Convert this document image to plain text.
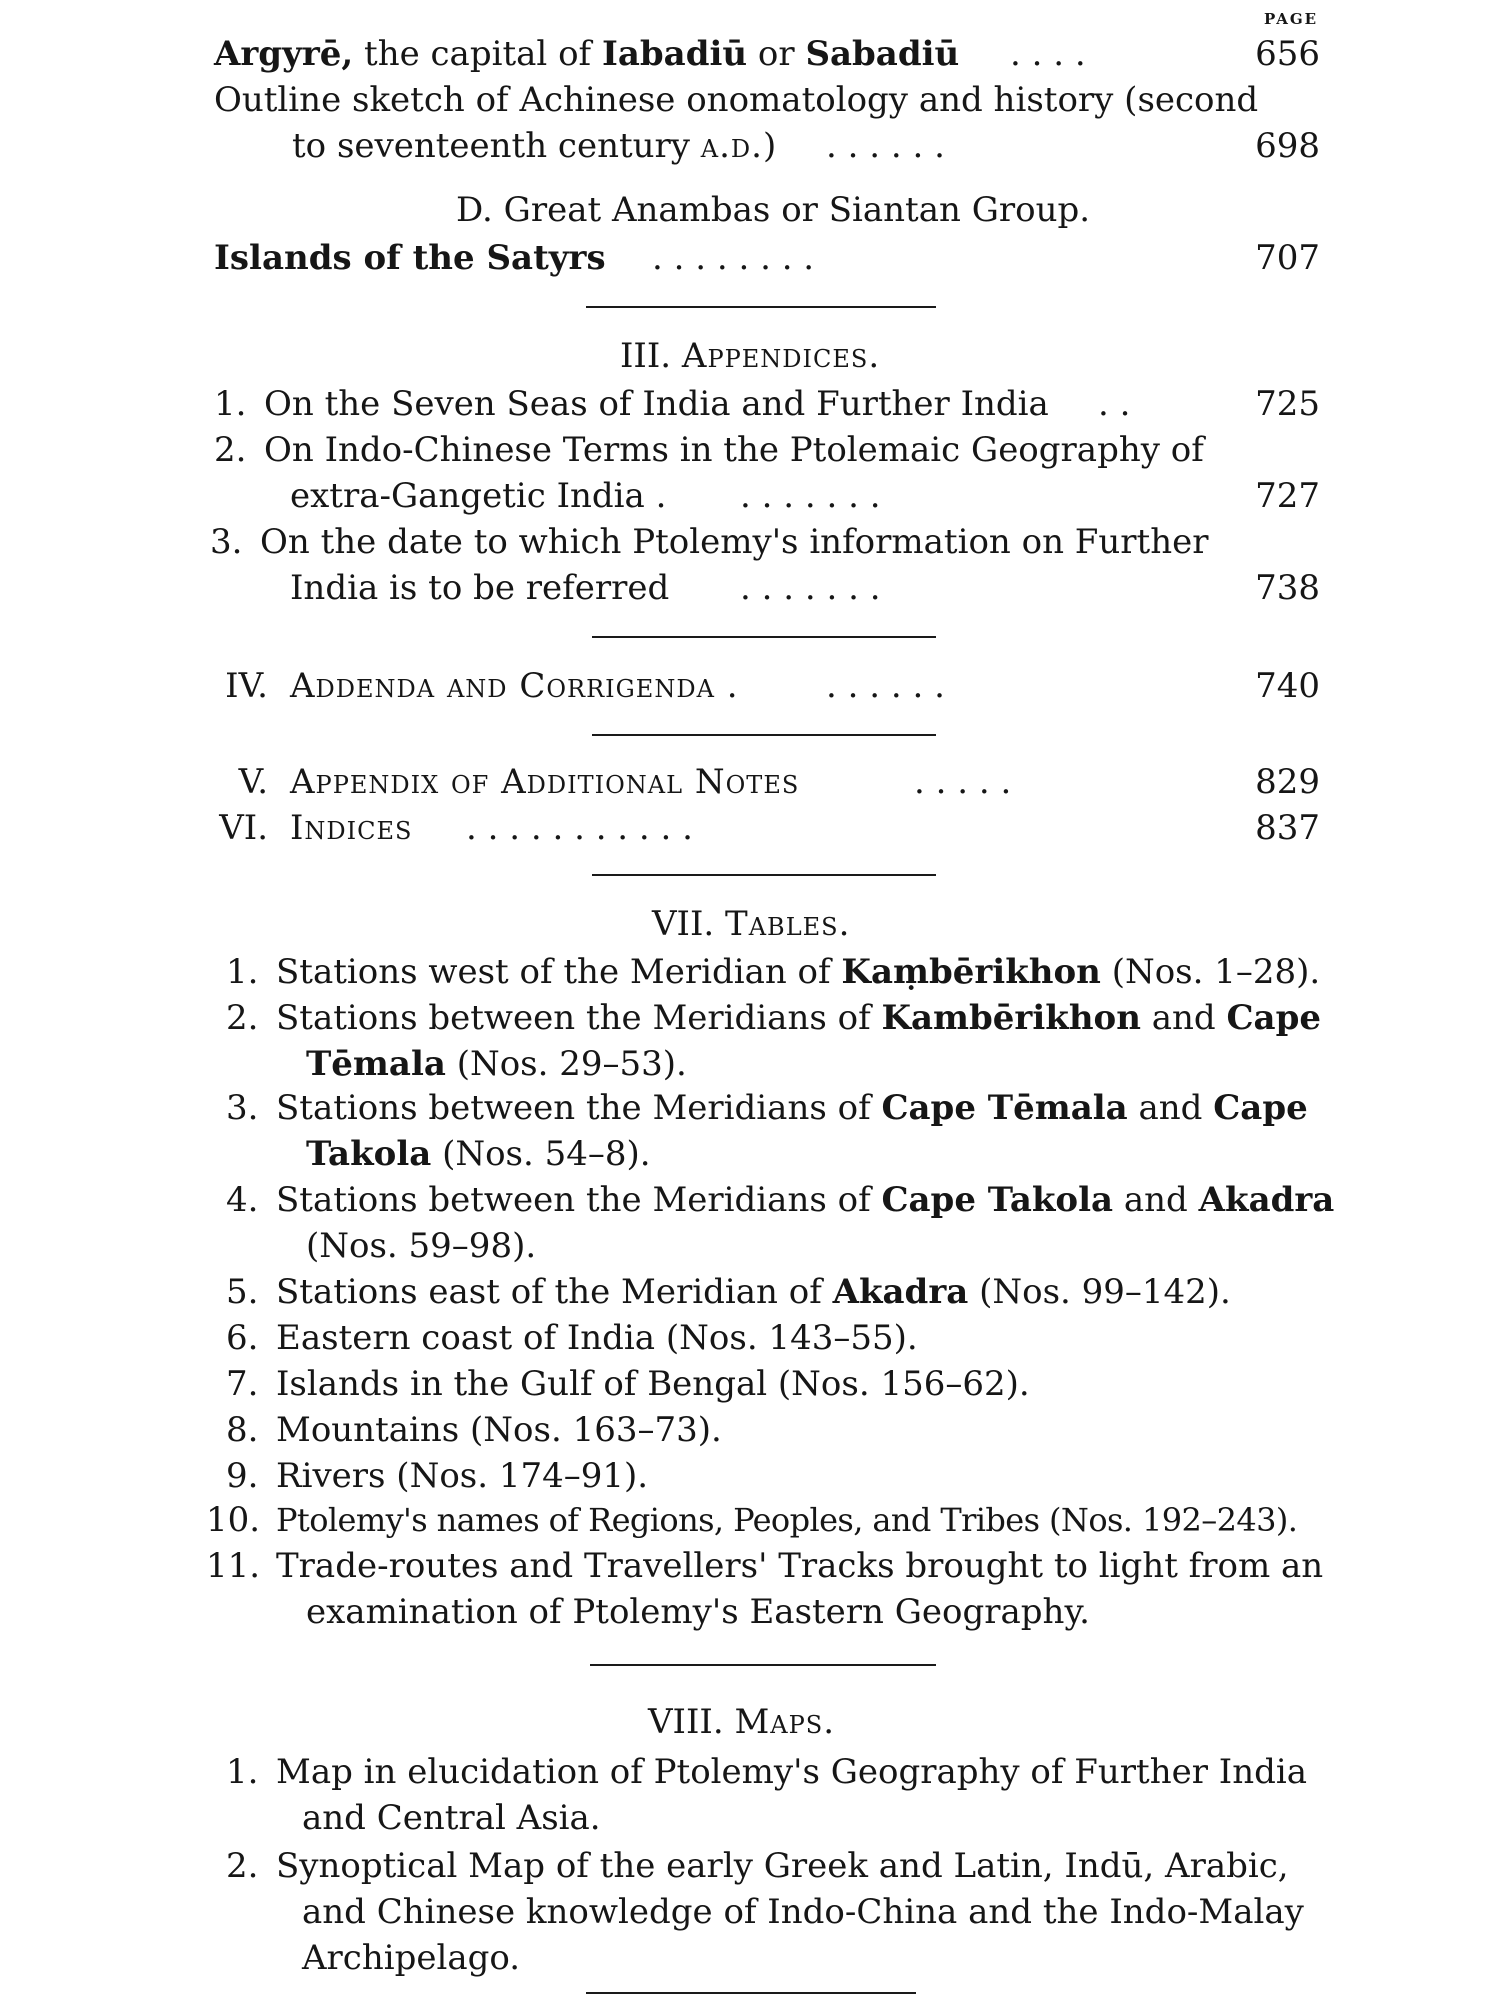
PAGE
Argyrē, the capital of Iabadiū or Sabadiū . . . .	656
Outline sketch of Achinese onomatology and history (second
to seventeenth century a.d.) . . . . . .	698
D. Great Anambas or Siantan Group.
Islands of the Satyrs . . . . . . . .	707
III. Appendices.
1. On the Seven Seas of India and Further India . .	725
2. On Indo-Chinese Terms in the Ptolemaic Geography of
extra-Gangetic India . . . . . . . .	727
3. On the date to which Ptolemy's information on Further
India is to be referred . . . . . . .	738
IV. Addenda and Corrigenda .	. . . . . .	740
V. Appendix of Additional Notes	. . . . .	829
VI. Indices . . . . . . . . . . .	837
VII. Tables.
1. Stations west of the Meridian of Kaṃbērikhon (Nos. 1–28).
2. Stations between the Meridians of Kambērikhon and Cape
Tēmala (Nos. 29–53).
3. Stations between the Meridians of Cape Tēmala and Cape
Takola (Nos. 54–8).
4. Stations between the Meridians of Cape Takola and Akadra
(Nos. 59–98).
5. Stations east of the Meridian of Akadra (Nos. 99–142).
6. Eastern coast of India (Nos. 143–55).
7. Islands in the Gulf of Bengal (Nos. 156–62).
8. Mountains (Nos. 163–73).
9. Rivers (Nos. 174–91).
10. Ptolemy's names of Regions, Peoples, and Tribes (Nos. 192–243).
11. Trade-routes and Travellers' Tracks brought to light from an
examination of Ptolemy's Eastern Geography.
VIII. Maps.
1. Map in elucidation of Ptolemy's Geography of Further India
and Central Asia.
2. Synoptical Map of the early Greek and Latin, Indū, Arabic,
and Chinese knowledge of Indo-China and the Indo-Malay
Archipelago.
